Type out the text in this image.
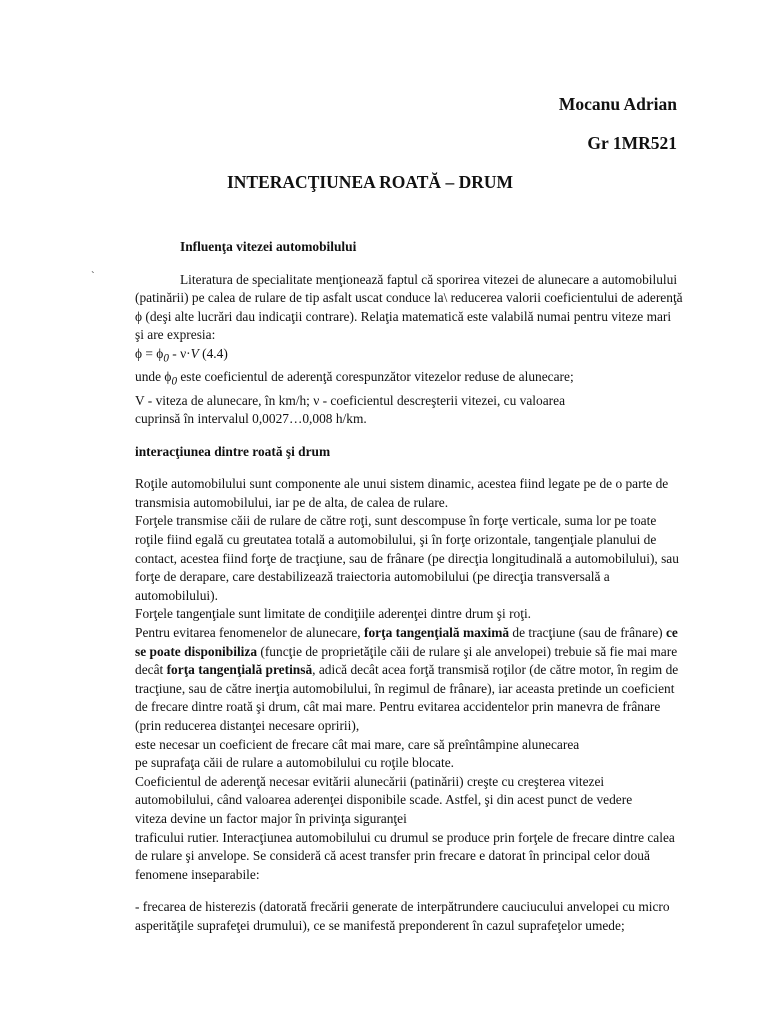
Mocanu Adrian
Gr 1MR521
INTERACŢIUNEA ROATĂ – DRUM
`

Influenţa vitezei automobilului

Literatura de specialitate menţionează faptul că sporirea vitezei de alunecare a automobilului (patinării) pe calea de rulare de tip asfalt uscat conduce la\ reducerea valorii coeficientului de aderenţă ϕ (deşi alte lucrări dau indicaţii contrare). Relaţia matematică este valabilă numai pentru viteze mari şi are expresia:

$\phi = \phi_0 - \nu\cdot V$ (4.4)

unde $\phi_0$ este coeficientul de aderenţă corespunzător vitezelor reduse de alunecare;

V - viteza de alunecare, în km/h; ν - coeficientul descreşterii vitezei, cu valoarea

cuprinsă în intervalul 0,0027…0,008 h/km.

interacţiunea dintre roată şi drum

Roţile automobilului sunt componente ale unui sistem dinamic, acestea fiind legate pe de o parte de transmisia automobilului, iar pe de alta, de calea de rulare.

Forţele transmise căii de rulare de către roţi, sunt descompuse în forţe verticale, suma lor pe toate roţile fiind egală cu greutatea totală a automobilului, şi în forţe orizontale, tangenţiale planului de contact, acestea fiind forţe de tracţiune, sau de frânare (pe direcţia longitudinală a automobilului), sau forţe de derapare, care destabilizează traiectoria automobilului (pe direcţia transversală a automobilului).

Forţele tangenţiale sunt limitate de condiţiile aderenţei dintre drum şi roţi.

Pentru evitarea fenomenelor de alunecare, forţa tangenţială maximă de tracţiune (sau de frânare) ce se poate disponibiliza (funcţie de proprietăţile căii de rulare şi ale anvelopei) trebuie să fie mai mare decât forţa tangenţială pretinsă, adică decât acea forţă transmisă roţilor (de către motor, în regim de tracţiune, sau de către inerţia automobilului, în regimul de frânare), iar aceasta pretinde un coeficient de frecare dintre roată şi drum, cât mai mare. Pentru evitarea accidentelor prin manevra de frânare (prin reducerea distanţei necesare opririi),

este necesar un coeficient de frecare cât mai mare, care să preîntâmpine alunecarea

pe suprafaţa căii de rulare a automobilului cu roţile blocate.

Coeficientul de aderenţă necesar evitării alunecării (patinării) creşte cu creşterea vitezei automobilului, când valoarea aderenţei disponibile scade. Astfel, şi din acest punct de vedere

viteza devine un factor major în privinţa siguranţei

traficului rutier. Interacţiunea automobilului cu drumul se produce prin forţele de frecare dintre calea de rulare şi anvelope. Se consideră că acest transfer prin frecare e datorat în principal celor două fenomene inseparabile:

- frecarea de histerezis (datorată frecării generate de interpătrundere cauciucului anvelopei cu micro asperităţile suprafeţei drumului), ce se manifestă preponderent în cazul suprafeţelor umede;
